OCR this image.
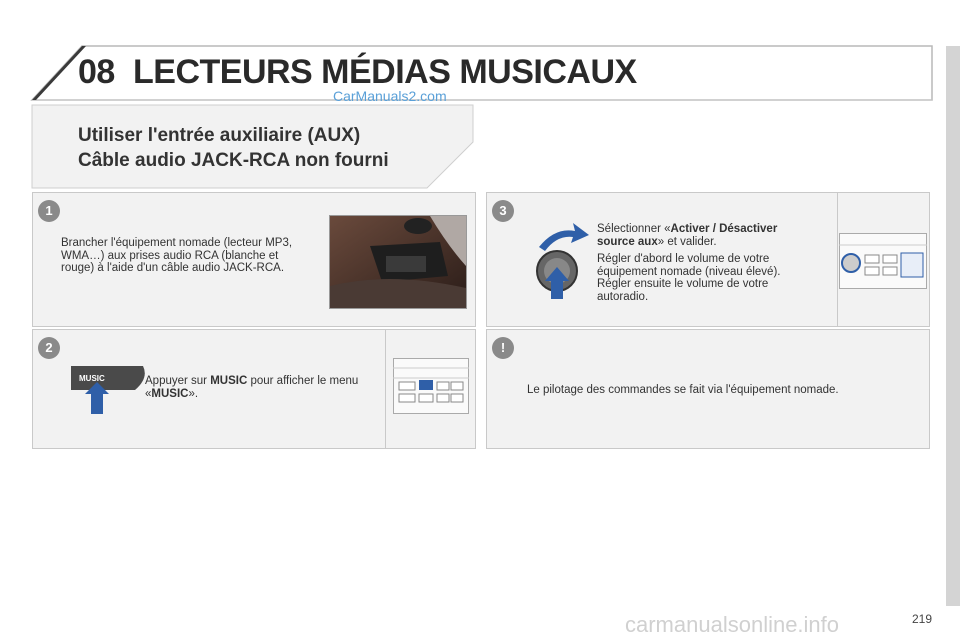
08 LECTEURS MÉDIAS MUSICAUX
CarManuals2.com
Utiliser l'entrée auxiliaire (AUX)
Câble audio JACK-RCA non fourni
1
Brancher l'équipement nomade (lecteur MP3, WMA…) aux prises audio RCA (blanche et rouge) à l'aide d'un câble audio JACK-RCA.
2
MUSIC	Appuyer sur MUSIC pour afficher le menu «MUSIC».
3
Sélectionner «Activer / Désactiver source aux» et valider.
Régler d'abord le volume de votre équipement nomade (niveau élevé). Régler ensuite le volume de votre autoradio.
!
Le pilotage des commandes se fait via l'équipement nomade.
carmanualsonline.info	219
